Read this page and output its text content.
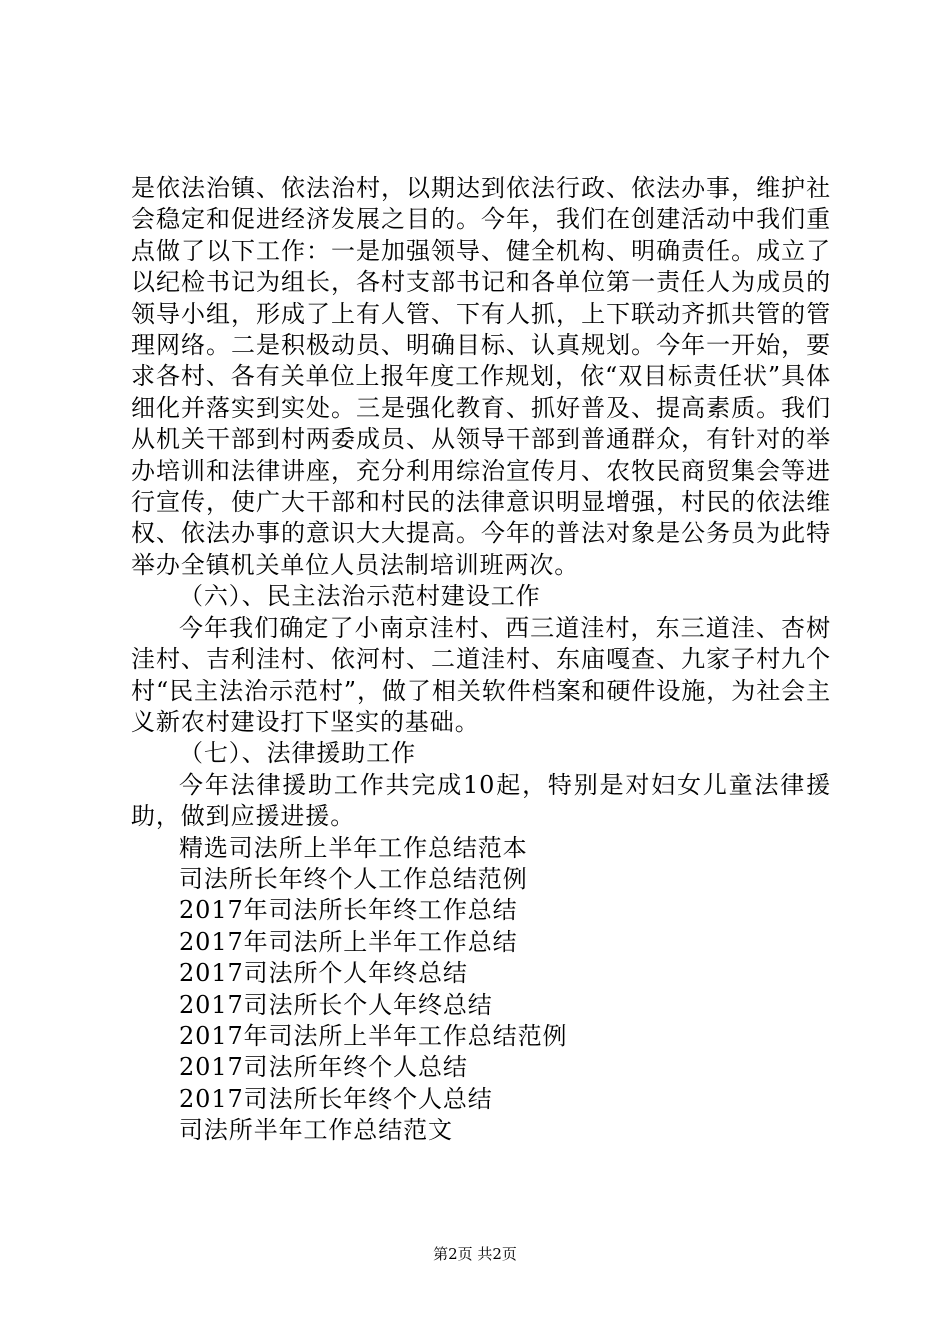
是依法治镇、依法治村，以期达到依法行政、依法办事，维护社会稳定和促进经济发展之目的。今年，我们在创建活动中我们重点做了以下工作：一是加强领导、健全机构、明确责任。成立了以纪检书记为组长，各村支部书记和各单位第一责任人为成员的领导小组，形成了上有人管、下有人抓，上下联动齐抓共管的管理网络。二是积极动员、明确目标、认真规划。今年一开始，要求各村、各有关单位上报年度工作规划，依“双目标责任状”具体细化并落实到实处。三是强化教育、抓好普及、提高素质。我们从机关干部到村两委成员、从领导干部到普通群众，有针对的举办培训和法律讲座，充分利用综治宣传月、农牧民商贸集会等进行宣传，使广大干部和村民的法律意识明显增强，村民的依法维权、依法办事的意识大大提高。今年的普法对象是公务员为此特举办全镇机关单位人员法制培训班两次。

（六）、民主法治示范村建设工作

今年我们确定了小南京洼村、西三道洼村，东三道洼、杏树洼村、吉利洼村、依河村、二道洼村、东庙嘎查、九家子村九个村“民主法治示范村”，做了相关软件档案和硬件设施，为社会主义新农村建设打下坚实的基础。

（七）、法律援助工作

今年法律援助工作共完成10起，特别是对妇女儿童法律援助，做到应援进援。

精选司法所上半年工作总结范本

司法所长年终个人工作总结范例

2017年司法所长年终工作总结

2017年司法所上半年工作总结

2017司法所个人年终总结

2017司法所长个人年终总结

2017年司法所上半年工作总结范例

2017司法所年终个人总结

2017司法所长年终个人总结

司法所半年工作总结范文

第2页 共2页
